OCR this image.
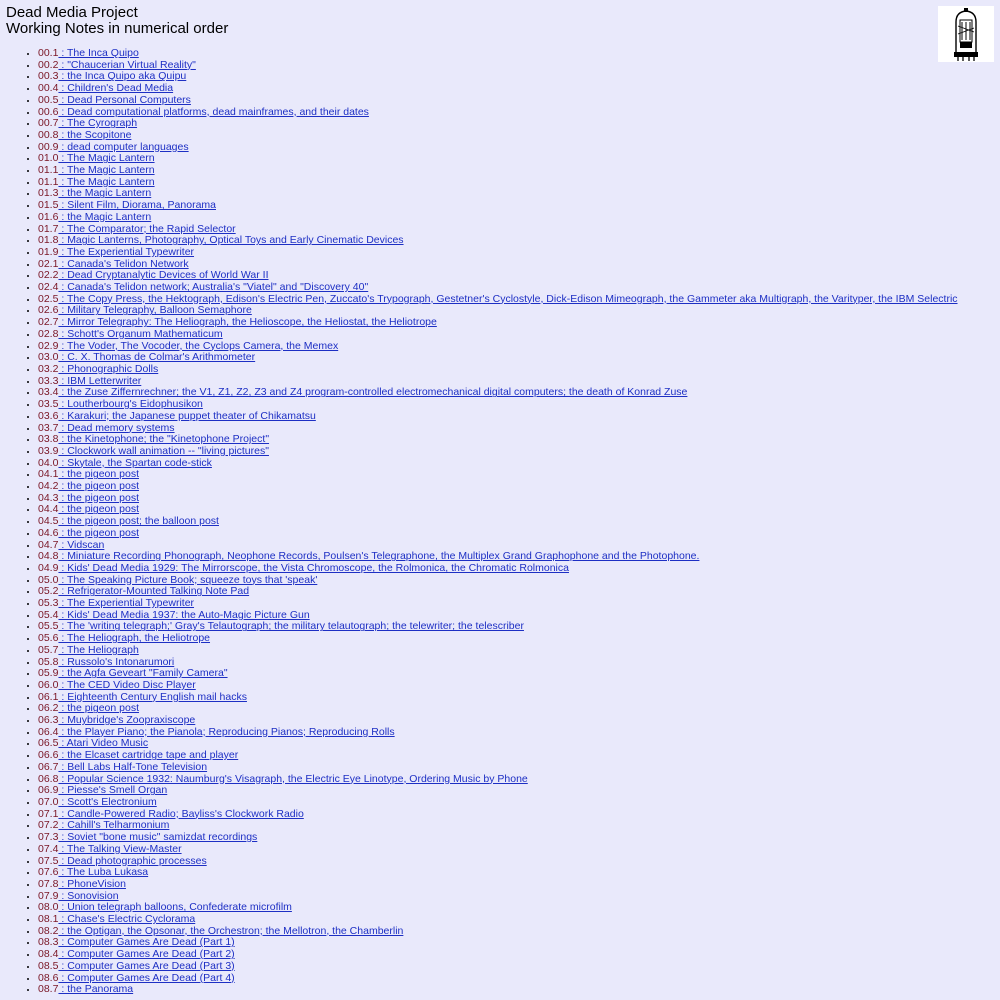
Dead Media Project
Working Notes in numerical order
• 00.1 : The Inca Quipo
• 00.2 : "Chaucerian Virtual Reality"
• 00.3 : the Inca Quipo aka Quipu
• 00.4 : Children's Dead Media
• 00.5 : Dead Personal Computers
• 00.6 : Dead computational platforms, dead mainframes, and their dates
• 00.7 : The Cyrograph
• 00.8 : the Scopitone
• 00.9 : dead computer languages
• 01.0 : The Magic Lantern
• 01.1 : The Magic Lantern
• 01.1 : The Magic Lantern
• 01.3 : the Magic Lantern
• 01.5 : Silent Film, Diorama, Panorama
• 01.6 : the Magic Lantern
• 01.7 : The Comparator; the Rapid Selector
• 01.8 : Magic Lanterns, Photography, Optical Toys and Early Cinematic Devices
• 01.9 : The Experiential Typewriter
• 02.1 : Canada's Telidon Network
• 02.2 : Dead Cryptanalytic Devices of World War II
• 02.4 : Canada's Telidon network; Australia's "Viatel" and "Discovery 40"
• 02.5 : The Copy Press, the Hektograph, Edison's Electric Pen, Zuccato's Trypograph, Gestetner's Cyclostyle, Dick-Edison Mimeograph, the Gammeter aka Multigraph, the Varityper, the IBM Selectric
• 02.6 : Military Telegraphy, Balloon Semaphore
• 02.7 : Mirror Telegraphy: The Heliograph, the Helioscope, the Heliostat, the Heliotrope
• 02.8 : Schott's Organum Mathematicum
• 02.9 : The Voder, The Vocoder, the Cyclops Camera, the Memex
• 03.0 : C. X. Thomas de Colmar's Arithmometer
• 03.2 : Phonographic Dolls
• 03.3 : IBM Letterwriter
• 03.4 : the Zuse Ziffernrechner; the V1, Z1, Z2, Z3 and Z4 program-controlled electromechanical digital computers; the death of Konrad Zuse
• 03.5 : Loutherbourg's Eidophusikon
• 03.6 : Karakuri; the Japanese puppet theater of Chikamatsu
• 03.7 : Dead memory systems
• 03.8 : the Kinetophone; the "Kinetophone Project"
• 03.9 : Clockwork wall animation -- "living pictures"
• 04.0 : Skytale, the Spartan code-stick
• 04.1 : the pigeon post
• 04.2 : the pigeon post
• 04.3 : the pigeon post
• 04.4 : the pigeon post
• 04.5 : the pigeon post; the balloon post
• 04.6 : the pigeon post
• 04.7 : Vidscan
• 04.8 : Miniature Recording Phonograph, Neophone Records, Poulsen's Telegraphone, the Multiplex Grand Graphophone and the Photophone.
• 04.9 : Kids' Dead Media 1929: The Mirrorscope, the Vista Chromoscope, the Rolmonica, the Chromatic Rolmonica
• 05.0 : The Speaking Picture Book; squeeze toys that 'speak'
• 05.2 : Refrigerator-Mounted Talking Note Pad
• 05.3 : The Experiential Typewriter
• 05.4 : Kids' Dead Media 1937: the Auto-Magic Picture Gun
• 05.5 : The 'writing telegraph;' Gray's Telautograph; the military telautograph; the telewriter; the telescriber
• 05.6 : The Heliograph, the Heliotrope
• 05.7 : The Heliograph
• 05.8 : Russolo's Intonarumori
• 05.9 : the Agfa Geveart "Family Camera"
• 06.0 : The CED Video Disc Player
• 06.1 : Eighteenth Century English mail hacks
• 06.2 : the pigeon post
• 06.3 : Muybridge's Zoopraxiscope
• 06.4 : the Player Piano; the Pianola; Reproducing Pianos; Reproducing Rolls
• 06.5 : Atari Video Music
• 06.6 : the Elcaset cartridge tape and player
• 06.7 : Bell Labs Half-Tone Television
• 06.8 : Popular Science 1932: Naumburg's Visagraph, the Electric Eye Linotype, Ordering Music by Phone
• 06.9 : Piesse's Smell Organ
• 07.0 : Scott's Electronium
• 07.1 : Candle-Powered Radio; Bayliss's Clockwork Radio
• 07.2 : Cahill's Telharmonium
• 07.3 : Soviet "bone music" samizdat recordings
• 07.4 : The Talking View-Master
• 07.5 : Dead photographic processes
• 07.6 : The Luba Lukasa
• 07.8 : PhoneVision
• 07.9 : Sonovision
• 08.0 : Union telegraph balloons, Confederate microfilm
• 08.1 : Chase's Electric Cyclorama
• 08.2 : the Optigan, the Opsonar, the Orchestron; the Mellotron, the Chamberlin
• 08.3 : Computer Games Are Dead (Part 1)
• 08.4 : Computer Games Are Dead (Part 2)
• 08.5 : Computer Games Are Dead (Part 3)
• 08.6 : Computer Games Are Dead (Part 4)
• 08.7 : the Panorama
